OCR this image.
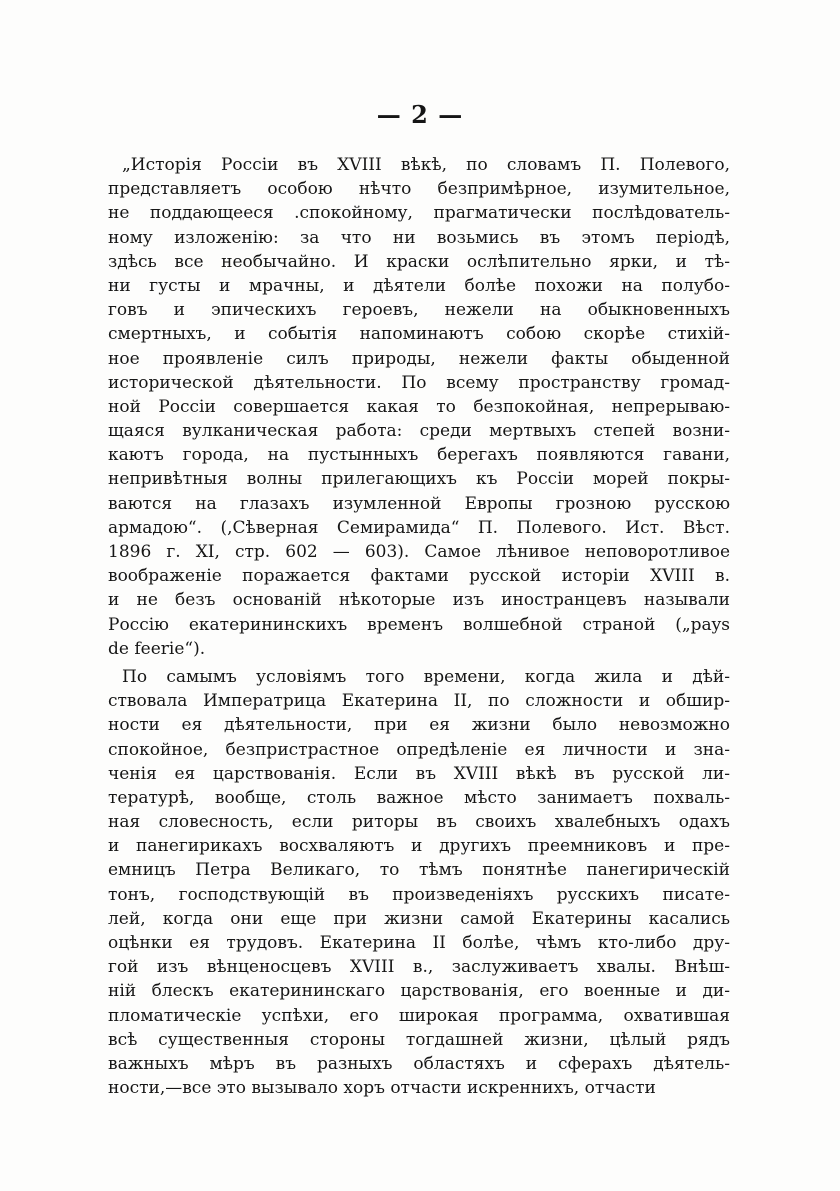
— 2 —
„Исторія Россіи въ XVIII вѣкѣ, по словамъ П. Полевого,
представляетъ особою нѣчто безпримѣрное, изумительное,
не поддающееся .спокойному, прагматически послѣдователь-
ному изложенію: за что ни возьмись въ этомъ періодѣ,
здѣсь все необычайно. И краски ослѣпительно ярки, и тѣ-
ни густы и мрачны, и дѣятели болѣе похожи на полубо-
говъ и эпическихъ героевъ, нежели на обыкновенныхъ
смертныхъ, и событія напоминаютъ собою скорѣе стихій-
ное проявленіе силъ природы, нежели факты обыденной
исторической дѣятельности. По всему пространству громад-
ной Россіи совершается какая то безпокойная, непрерываю-
щаяся вулканическая работа: среди мертвыхъ степей возни-
каютъ города, на пустынныхъ берегахъ появляются гавани,
непривѣтныя волны прилегающихъ къ Россіи морей покры-
ваются на глазахъ изумленной Европы грозною русскою
армадою“. (,Сѣверная Семирамида“ П. Полевого. Ист. Вѣст.
1896 г. XI, стр. 602 — 603). Самое лѣнивое неповоротливое
воображеніе поражается фактами русской исторіи XVIII в.
и не безъ основаній нѣкоторые изъ иностранцевъ называли
Россію екатерининскихъ временъ волшебной страной („pays
de feerie“).
По самымъ условіямъ того времени, когда жила и дѣй-
ствовала Императрица Екатерина II, по сложности и обшир-
ности ея дѣятельности, при ея жизни было невозможно
спокойное, безпристрастное опредѣленіе ея личности и зна-
ченія ея царствованія. Если въ XVIII вѣкѣ въ русской ли-
тературѣ, вообще, столь важное мѣсто занимаетъ похваль-
ная словесность, если риторы въ своихъ хвалебныхъ одахъ
и панегирикахъ восхваляютъ и другихъ преемниковъ и пре-
емницъ Петра Великаго, то тѣмъ понятнѣе панегирическій
тонъ, господствующій въ произведеніяхъ русскихъ писате-
лей, когда они еще при жизни самой Екатерины касались
оцѣнки ея трудовъ. Екатерина II болѣе, чѣмъ кто-либо дру-
гой изъ вѣнценосцевъ XVIII в., заслуживаетъ хвалы. Внѣш-
ній блескъ екатерининскаго царствованія, его военные и ди-
пломатическіе успѣхи, его широкая программа, охватившая
всѣ существенныя стороны тогдашней жизни, цѣлый рядъ
важныхъ мѣръ въ разныхъ областяхъ и сферахъ дѣятель-
ности,—все это вызывало хоръ отчасти искреннихъ, отчасти
